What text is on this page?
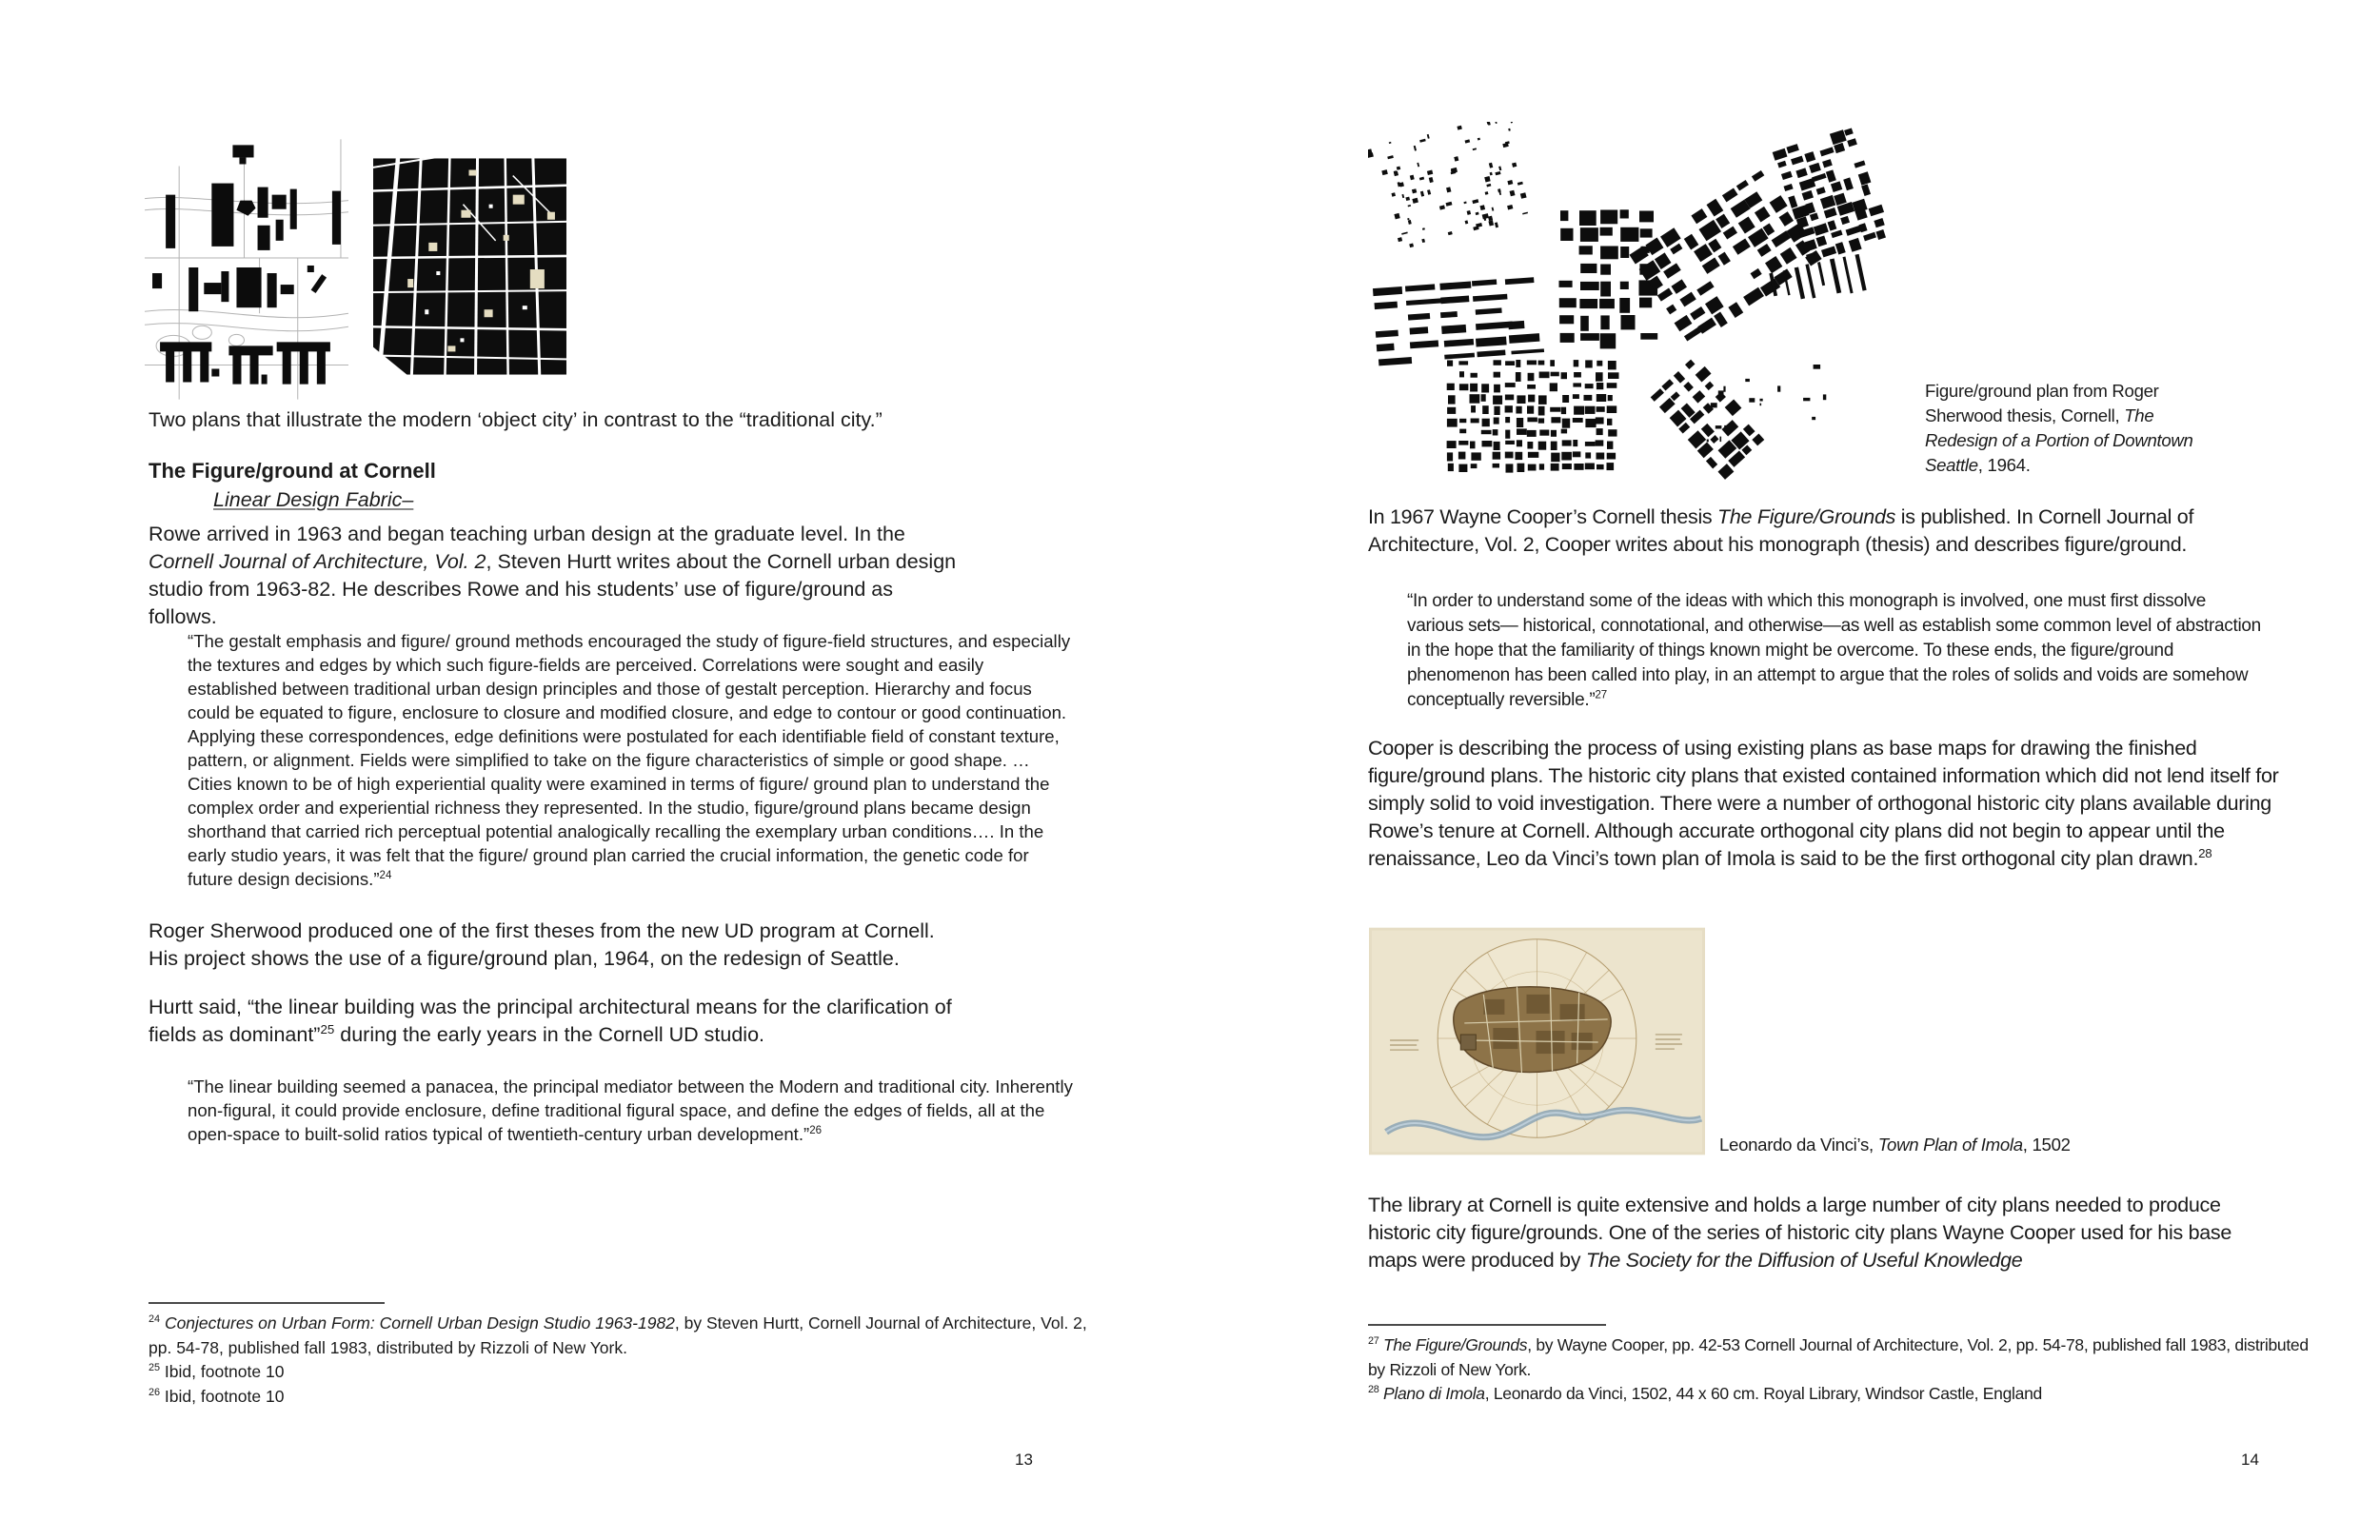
Two plans that illustrate the modern ‘object city’ in contrast to the “traditional city.”
The Figure/ground at Cornell
Linear Design Fabric–
Rowe arrived in 1963 and began teaching urban design at the graduate level. In the Cornell Journal of Architecture, Vol. 2, Steven Hurtt writes about the Cornell urban design studio from 1963-82. He describes Rowe and his students’ use of figure/ground as follows.
“The gestalt emphasis and figure/ ground methods encouraged the study of figure-field structures, and especially the textures and edges by which such figure-fields are perceived. Correlations were sought and easily established between traditional urban design principles and those of gestalt perception. Hierarchy and focus could be equated to figure, enclosure to closure and modified closure, and edge to contour or good continuation. Applying these correspondences, edge definitions were postulated for each identifiable field of constant texture, pattern, or alignment. Fields were simplified to take on the figure characteristics of simple or good shape. … Cities known to be of high experiential quality were examined in terms of figure/ ground plan to understand the complex order and experiential richness they represented. In the studio, figure/ground plans became design shorthand that carried rich perceptual potential analogically recalling the exemplary urban conditions…. In the early studio years, it was felt that the figure/ ground plan carried the crucial information, the genetic code for future design decisions.”$^{24}$
Roger Sherwood produced one of the first theses from the new UD program at Cornell. His project shows the use of a figure/ground plan, 1964, on the redesign of Seattle.
Hurtt said, “the linear building was the principal architectural means for the clarification of fields as dominant”$^{25}$ during the early years in the Cornell UD studio.
“The linear building seemed a panacea, the principal mediator between the Modern and traditional city. Inherently non-figural, it could provide enclosure, define traditional figural space, and define the edges of fields, all at the open-space to built-solid ratios typical of twentieth-century urban development.”$^{26}$
$^{24}$ Conjectures on Urban Form: Cornell Urban Design Studio 1963-1982, by Steven Hurtt, Cornell Journal of Architecture, Vol. 2, pp. 54-78, published fall 1983, distributed by Rizzoli of New York.
$^{25}$ Ibid, footnote 10
$^{26}$ Ibid, footnote 10
13
Figure/ground plan from Roger Sherwood thesis, Cornell, The Redesign of a Portion of Downtown Seattle, 1964.
In 1967 Wayne Cooper’s Cornell thesis The Figure/Grounds is published. In Cornell Journal of Architecture, Vol. 2, Cooper writes about his monograph (thesis) and describes figure/ground.
“In order to understand some of the ideas with which this monograph is involved, one must first dissolve various sets— historical, connotational, and otherwise—as well as establish some common level of abstraction in the hope that the familiarity of things known might be overcome. To these ends, the figure/ground phenomenon has been called into play, in an attempt to argue that the roles of solids and voids are somehow conceptually reversible.”$^{27}$
Cooper is describing the process of using existing plans as base maps for drawing the finished figure/ground plans. The historic city plans that existed contained information which did not lend itself for simply solid to void investigation. There were a number of orthogonal historic city plans available during Rowe’s tenure at Cornell. Although accurate orthogonal city plans did not begin to appear until the renaissance, Leo da Vinci’s town plan of Imola is said to be the first orthogonal city plan drawn.$^{28}$
Leonardo da Vinci’s, Town Plan of Imola, 1502
The library at Cornell is quite extensive and holds a large number of city plans needed to produce historic city figure/grounds. One of the series of historic city plans Wayne Cooper used for his base maps were produced by The Society for the Diffusion of Useful Knowledge
$^{27}$ The Figure/Grounds, by Wayne Cooper, pp. 42-53 Cornell Journal of Architecture, Vol. 2, pp. 54-78, published fall 1983, distributed by Rizzoli of New York.
$^{28}$ Plano di Imola, Leonardo da Vinci, 1502, 44 x 60 cm. Royal Library, Windsor Castle, England
14
